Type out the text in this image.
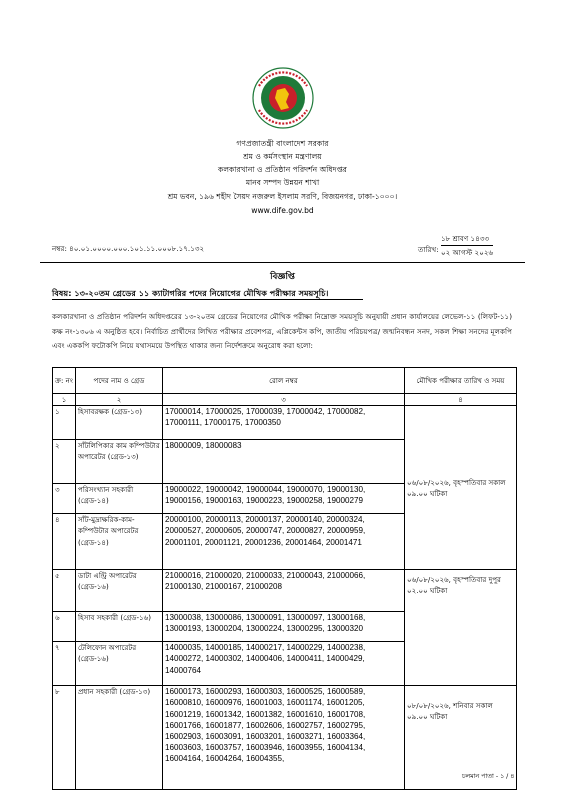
গণপ্রজাতন্ত্রী বাংলাদেশ সরকার
শ্রম ও কর্মসংস্থান মন্ত্রণালয়
কলকারখানা ও প্রতিষ্ঠান পরিদর্শন অধিদপ্তর
মানব সম্পদ উন্নয়ন শাখা
শ্রম ভবন, ১৯৬ শহীদ সৈয়দ নজরুল ইসলাম সরণি, বিজয়নগর, ঢাকা-১০০০।
www.dife.gov.bd
নম্বর: ৪০.০১.০০০০.০০০.১০১.১১.০০০৮.১৭.১৩২	তারিখ:
১৮ শ্রাবণ ১৪৩৩
০২ আগস্ট ২০২৬
বিজ্ঞপ্তি
বিষয়: ১৩-২০তম গ্রেডের ১১ ক্যাটাগরির পদের নিয়োগের মৌখিক পরীক্ষার সময়সূচি।
কলকারখানা ও প্রতিষ্ঠান পরিদর্শন অধিদপ্তরের ১৩-২০তম গ্রেডের নিয়োগের মৌখিক পরীক্ষা নিম্নোক্ত সময়সূচি অনুযায়ী প্রধান কার্যালয়ের লেভেল-১১ (লিফট-১১) কক্ষ নং-১৩০৬ এ অনুষ্ঠিত হবে। নির্বাচিত প্রার্থীদের লিখিত পরীক্ষার প্রবেশপত্র, এপ্লিকেন্টস কপি, জাতীয় পরিচয়পত্র/ জন্মনিবন্ধন সনদ, সকল শিক্ষা সনদের মূলকপি এবং এককপি ফটোকপি নিয়ে যথাসময়ে উপস্থিত থাকার জন্য নির্দেশক্রমে অনুরোধ করা হলো:
ক্র: নং	পদের নাম ও গ্রেড	রোল নম্বর	মৌখিক পরীক্ষার তারিখ ও সময়
১	২	৩	৪
১	হিসাবরক্ষক (গ্রেড-১৩)	17000014, 17000025, 17000039, 17000042, 17000082, 17000111, 17000175, 17000350	০৬/০৮/২০২৬, বৃহস্পতিবার সকাল ০৯.০০ ঘটিকা
২	সাঁটলিপিকার কাম কম্পিউটার অপারেটর (গ্রেড-১৩)	18000009, 18000083	
৩	পরিসংখ্যান সহকারী (গ্রেড-১৪)	19000022, 19000042, 19000044, 19000070, 19000130, 19000156, 19000163, 19000223, 19000258, 19000279	
৪	সাঁট-মুদ্রাক্ষরিক-কাম-কম্পিউটার অপারেটর (গ্রেড-১৪)	20000100, 20000113, 20000137, 20000140, 20000324, 20000527, 20000605, 20000747, 20000827, 20000959, 20001101, 20001121, 20001236, 20001464, 20001471	
৫	ডাটা এন্ট্রি অপারেটর (গ্রেড-১৬)	21000016, 21000020, 21000033, 21000043, 21000066, 21000130, 21000167, 21000208	০৬/০৮/২০২৬, বৃহস্পতিবার দুপুর ০২.০০ ঘটিকা
৬	হিসাব সহকারী (গ্রেড-১৬)	13000038, 13000086, 13000091, 13000097, 13000168, 13000193, 13000204, 13000224, 13000295, 13000320	
৭	টেলিফোন অপারেটর (গ্রেড-১৬)	14000035, 14000185, 14000217, 14000229, 14000238, 14000272, 14000302, 14000406, 14000411, 14000429, 14000764	
৮	প্রধান সহকারী (গ্রেড-১৩)	16000173, 16000293, 16000303, 16000525, 16000589, 16000810, 16000976, 16001003, 16001174, 16001205, 16001219, 16001342, 16001382, 16001610, 16001708, 16001766, 16001877, 16002606, 16002757, 16002795, 16002903, 16003091, 16003201, 16003271, 16003364, 16003603, 16003757, 16003946, 16003955, 16004134, 16004164, 16004264, 16004355,	০৮/০৮/২০২৬, শনিবার সকাল ০৯.০০ ঘটিকা
চলমান পাতা - ১ / ৪
